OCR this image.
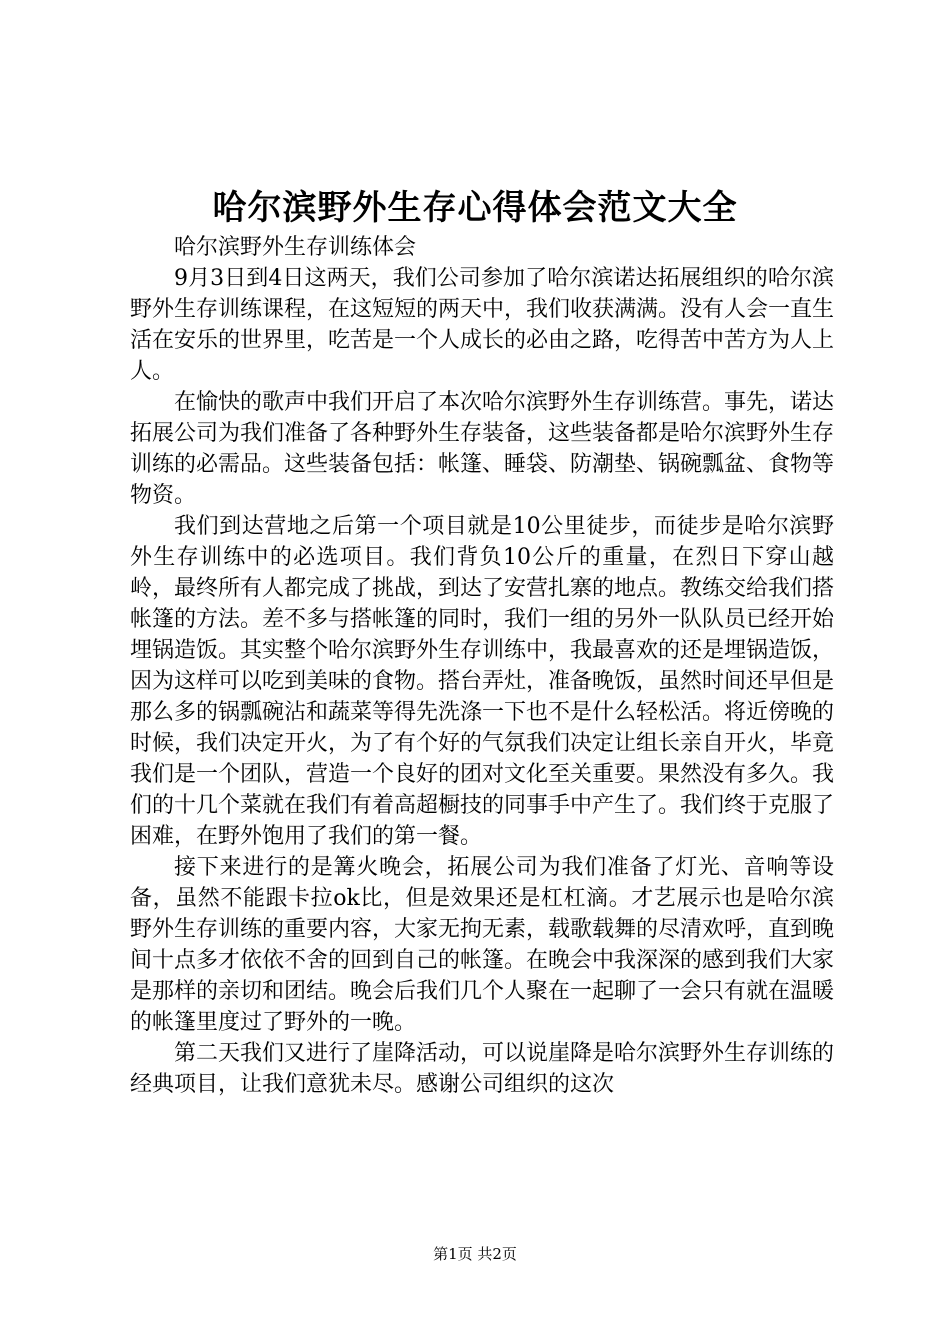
哈尔滨野外生存心得体会范文大全

哈尔滨野外生存训练体会

9月3日到4日这两天，我们公司参加了哈尔滨诺达拓展组织的哈尔滨野外生存训练课程，在这短短的两天中，我们收获满满。没有人会一直生活在安乐的世界里，吃苦是一个人成长的必由之路，吃得苦中苦方为人上人。

在愉快的歌声中我们开启了本次哈尔滨野外生存训练营。事先，诺达拓展公司为我们准备了各种野外生存装备，这些装备都是哈尔滨野外生存训练的必需品。这些装备包括：帐篷、睡袋、防潮垫、锅碗瓢盆、食物等物资。

我们到达营地之后第一个项目就是10公里徒步，而徒步是哈尔滨野外生存训练中的必选项目。我们背负10公斤的重量，在烈日下穿山越岭，最终所有人都完成了挑战，到达了安营扎寨的地点。教练交给我们搭帐篷的方法。差不多与搭帐篷的同时，我们一组的另外一队队员已经开始埋锅造饭。其实整个哈尔滨野外生存训练中，我最喜欢的还是埋锅造饭，因为这样可以吃到美味的食物。搭台弄灶，准备晚饭，虽然时间还早但是那么多的锅瓢碗沾和蔬菜等得先洗涤一下也不是什么轻松活。将近傍晚的时候，我们决定开火，为了有个好的气氛我们决定让组长亲自开火，毕竟我们是一个团队，营造一个良好的团对文化至关重要。果然没有多久。我们的十几个菜就在我们有着高超橱技的同事手中产生了。我们终于克服了困难，在野外饱用了我们的第一餐。

接下来进行的是篝火晚会，拓展公司为我们准备了灯光、音响等设备，虽然不能跟卡拉ok比，但是效果还是杠杠滴。才艺展示也是哈尔滨野外生存训练的重要内容，大家无拘无素，载歌载舞的尽清欢呼，直到晚间十点多才依依不舍的回到自己的帐篷。在晚会中我深深的感到我们大家是那样的亲切和团结。晚会后我们几个人聚在一起聊了一会只有就在温暖的帐篷里度过了野外的一晚。

第二天我们又进行了崖降活动，可以说崖降是哈尔滨野外生存训练的经典项目，让我们意犹未尽。感谢公司组织的这次

第1页 共2页
